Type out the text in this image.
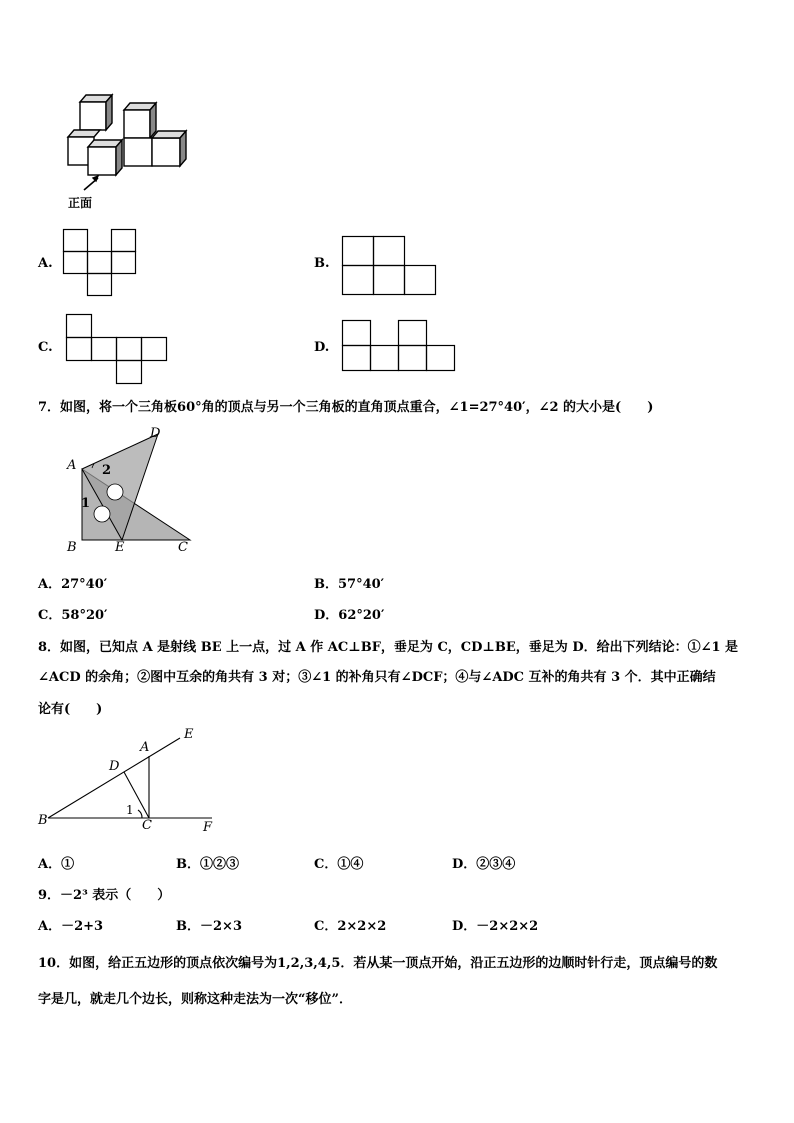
正面
A.	B.
C.	D.
7．如图，将一个三角板60°角的顶点与另一个三角板的直角顶点重合，∠1=27°40′，∠2 的大小是(　　)
A
D
B	E	C
2
1
A．27°40′	B．57°40′
C．58°20′	D．62°20′
8．如图，已知点 A 是射线 BE 上一点，过 A 作 AC⊥BF，垂足为 C，CD⊥BE，垂足为 D．给出下列结论：①∠1 是
∠ACD 的余角；②图中互余的角共有 3 对；③∠1 的补角只有∠DCF；④与∠ADC 互补的角共有 3 个．其中正确结
论有(　　)
A
E
D
B	C	F
1
A．①	B．①②③	C．①④	D．②③④
9．－2³ 表示（　　）
A．－2+3	B．－2×3	C．2×2×2	D．－2×2×2
10．如图，给正五边形的顶点依次编号为1,2,3,4,5．若从某一顶点开始，沿正五边形的边顺时针行走，顶点编号的数
字是几，就走几个边长，则称这种走法为一次“移位”．
